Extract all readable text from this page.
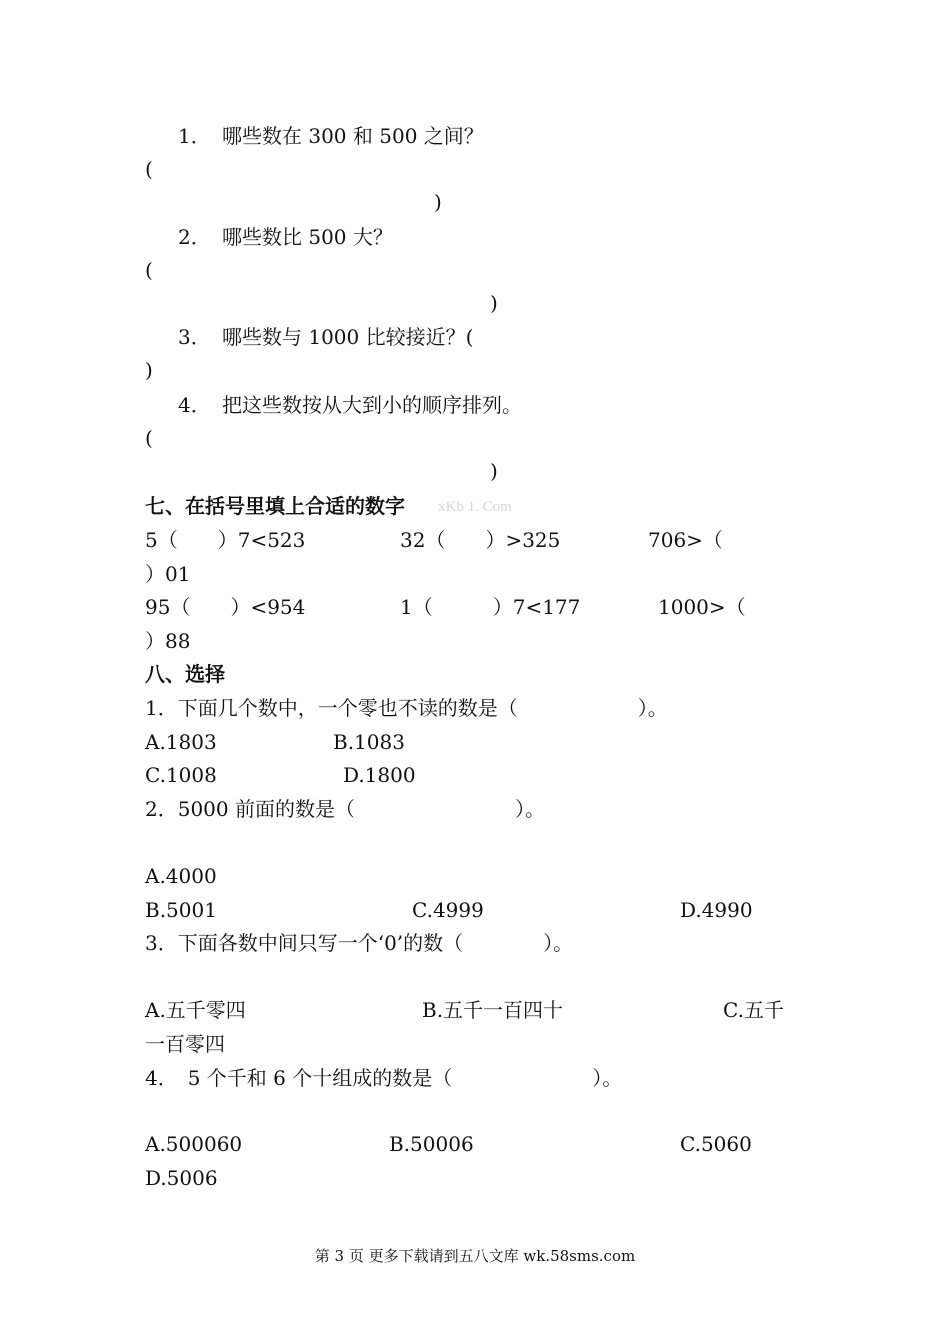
1． 哪些数在 300 和 500 之间？
(
)
2． 哪些数比 500 大？
(
)
3． 哪些数与 1000 比较接近？(
)
4． 把这些数按从大到小的顺序排列。
(
)
七、在括号里填上合适的数字 xKb 1. Com
5（　　）7<523	32（　　）>325	706>（
）01
95（　　）<954	1（　　　）7<177	1000>（
）88
八、选择
1．下面几个数中，一个零也不读的数是（　　　　　　）。
A.1803	B.1083
C.1008	D.1800
2．5000 前面的数是（　　　　　　　　）。
A.4000
B.5001	C.4999	D.4990
3．下面各数中间只写一个‘0’的数（　　　　）。
A.五千零四	B.五千一百四十	C.五千
一百零四
4．　5 个千和 6 个十组成的数是（　　　　　　　）。
A.500060	B.50006	C.5060
D.5006
第 3 页 更多下载请到五八文库 wk.58sms.com
